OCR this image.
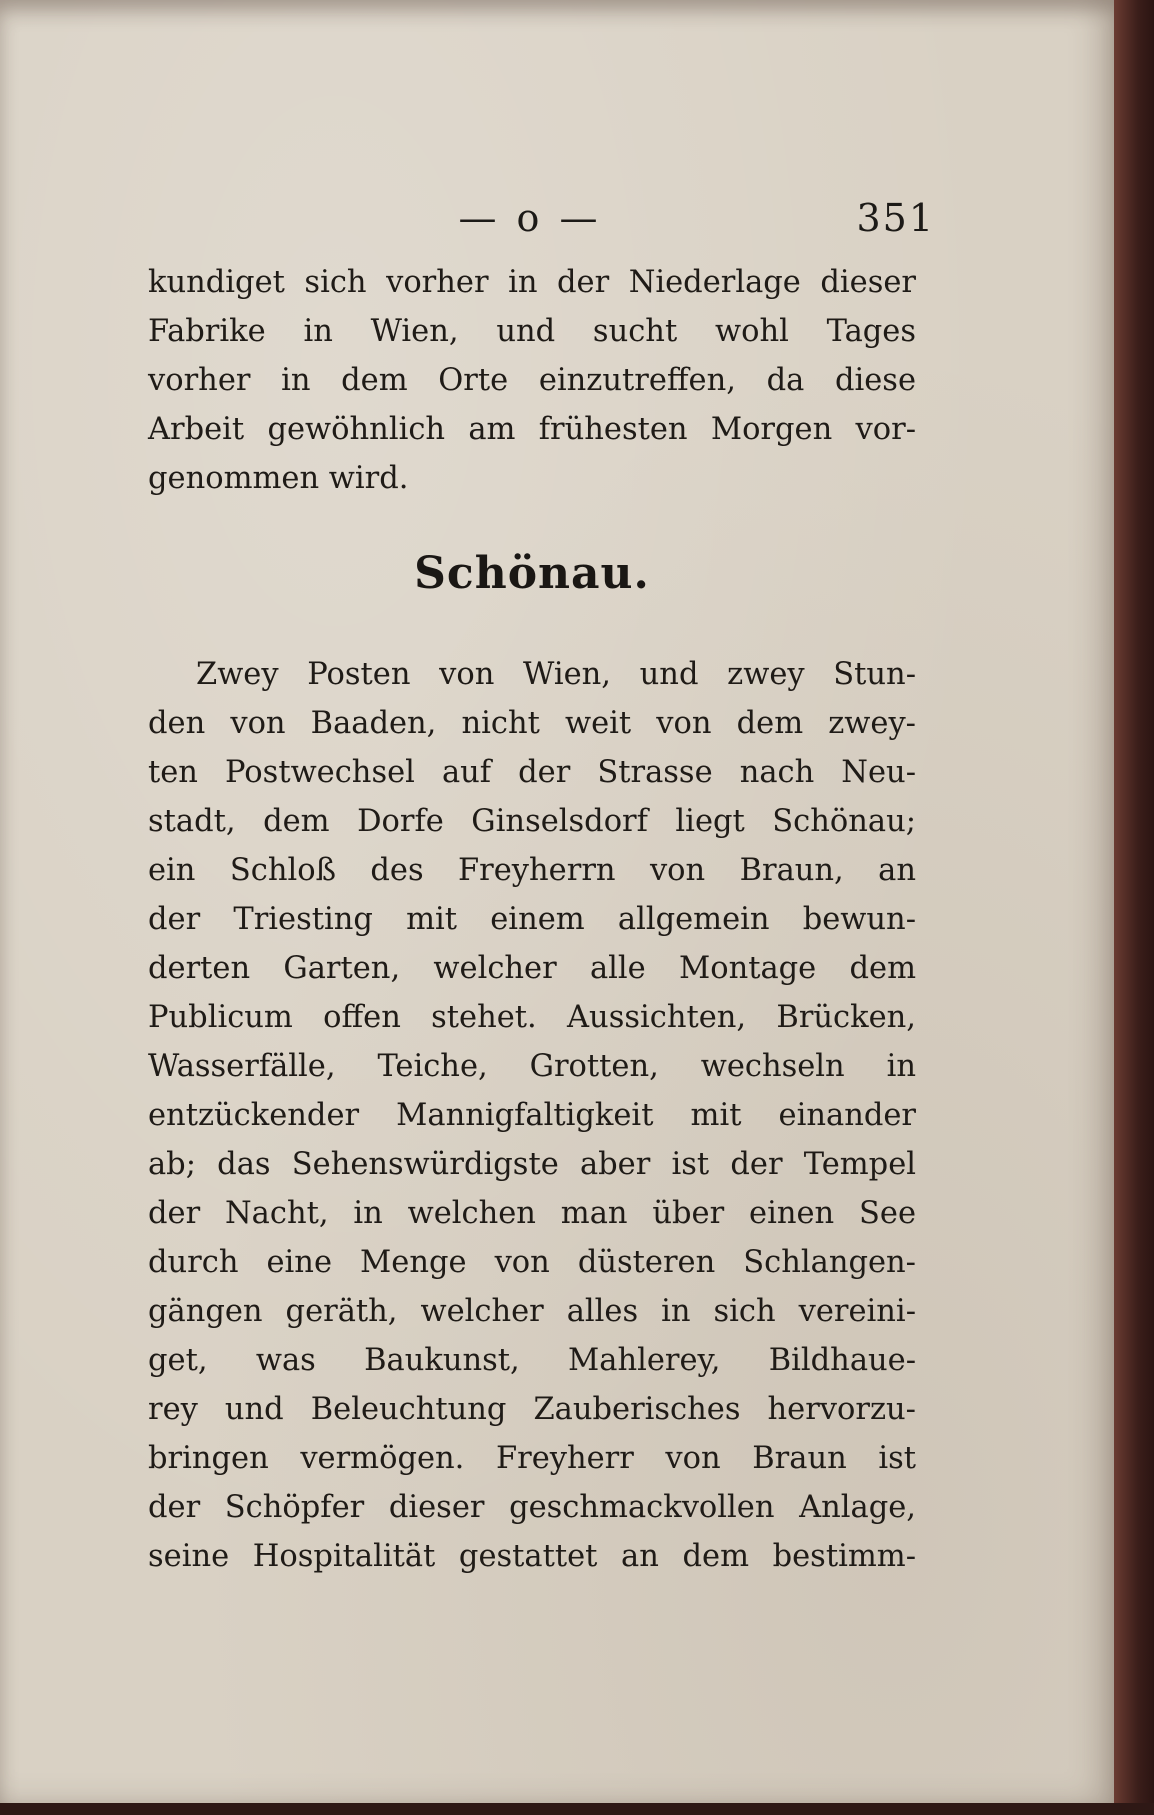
— o —	351
kundiget sich vorher in der Niederlage dieser
Fabrike in Wien, und sucht wohl Tages
vorher in dem Orte einzutreffen, da diese
Arbeit gewöhnlich am frühesten Morgen vor-
genommen wird.
Schönau.
Zwey Posten von Wien, und zwey Stun-
den von Baaden, nicht weit von dem zwey-
ten Postwechsel auf der Strasse nach Neu-
stadt, dem Dorfe Ginselsdorf liegt Schönau;
ein Schloß des Freyherrn von Braun, an
der Triesting mit einem allgemein bewun-
derten Garten, welcher alle Montage dem
Publicum offen stehet. Aussichten, Brücken,
Wasserfälle, Teiche, Grotten, wechseln in
entzückender Mannigfaltigkeit mit einander
ab; das Sehenswürdigste aber ist der Tempel
der Nacht, in welchen man über einen See
durch eine Menge von düsteren Schlangen-
gängen geräth, welcher alles in sich vereini-
get, was Baukunst, Mahlerey, Bildhaue-
rey und Beleuchtung Zauberisches hervorzu-
bringen vermögen. Freyherr von Braun ist
der Schöpfer dieser geschmackvollen Anlage,
seine Hospitalität gestattet an dem bestimm-
